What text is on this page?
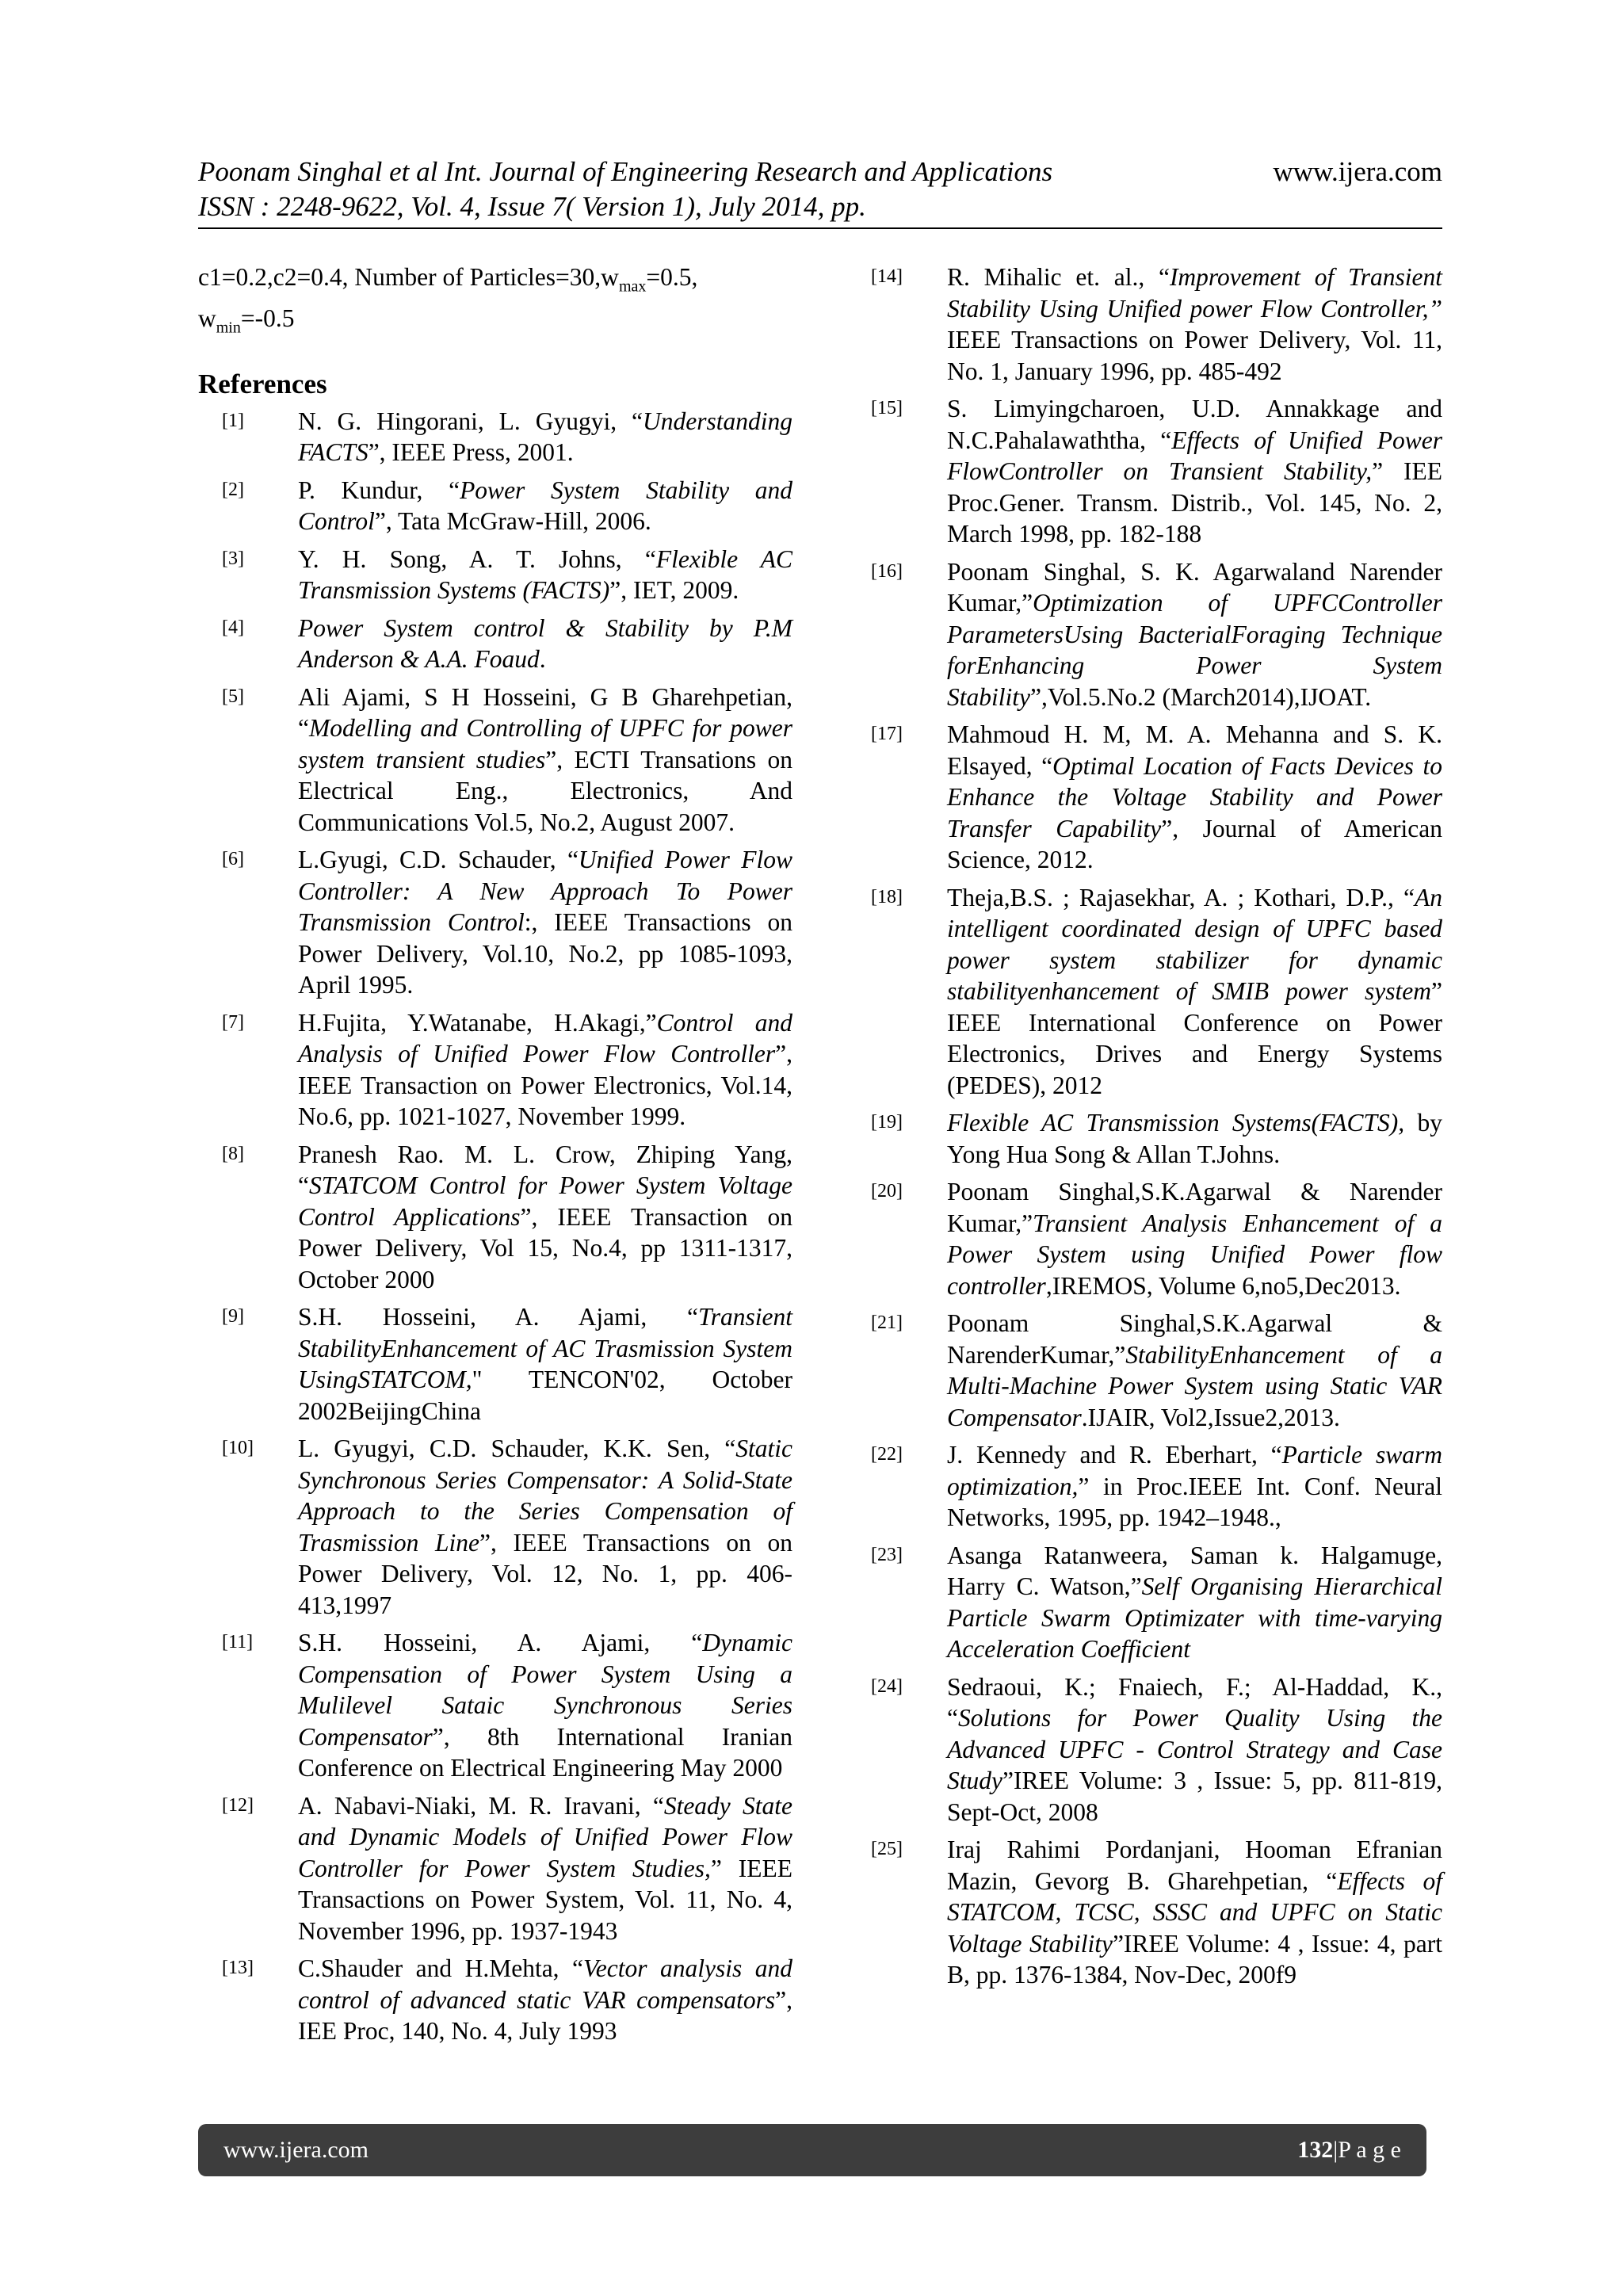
Poonam Singhal et al Int. Journal of Engineering Research and Applications	www.ijera.com
ISSN : 2248-9622, Vol. 4, Issue 7( Version 1), July 2014, pp.
c1=0.2,c2=0.4, Number of $Particles=30,w_{max}=0.5$,
$w_{min}=-0.5$
References
[1]	N. G. Hingorani, L. Gyugyi, “Understanding FACTS”, IEEE Press, 2001.
[2]	P. Kundur, “Power System Stability and Control”, Tata McGraw-Hill, 2006.
[3]	Y. H. Song, A. T. Johns, “Flexible AC Transmission Systems (FACTS)”, IET, 2009.
[4]	Power System control & Stability by P.M Anderson & A.A. Foaud.
[5]	Ali Ajami, S H Hosseini, G B Gharehpetian, “Modelling and Controlling of UPFC for power system transient studies”, ECTI Transations on Electrical Eng., Electronics, And Communications Vol.5, No.2, August 2007.
[6]	L.Gyugi, C.D. Schauder, “Unified Power Flow Controller: A New Approach To Power Transmission Control:, IEEE Transactions on Power Delivery, Vol.10, No.2, pp 1085-1093, April 1995.
[7]	H.Fujita, Y.Watanabe, H.Akagi,”Control and Analysis of Unified Power Flow Controller”, IEEE Transaction on Power Electronics, Vol.14, No.6, pp. 1021-1027, November 1999.
[8]	Pranesh Rao. M. L. Crow, Zhiping Yang, “STATCOM Control for Power System Voltage Control Applications”, IEEE Transaction on Power Delivery, Vol 15, No.4, pp 1311-1317, October 2000
[9]	S.H. Hosseini, A. Ajami, “Transient StabilityEnhancement of AC Trasmission System UsingSTATCOM," TENCON'02, October 2002BeijingChina
[10]	L. Gyugyi, C.D. Schauder, K.K. Sen, “Static Synchronous Series Compensator: A Solid-State Approach to the Series Compensation of Trasmission Line”, IEEE Transactions on on Power Delivery, Vol. 12, No. 1, pp. 406-413,1997
[11]	S.H. Hosseini, A. Ajami, “Dynamic Compensation of Power System Using a Mulilevel Sataic Synchronous Series Compensator”, 8th International Iranian Conference on Electrical Engineering May 2000
[12]	A. Nabavi-Niaki, M. R. Iravani, “Steady State and Dynamic Models of Unified Power Flow Controller for Power System Studies,” IEEE Transactions on Power System, Vol. 11, No. 4, November 1996, pp. 1937-1943
[13]	C.Shauder and H.Mehta, “Vector analysis and control of advanced static VAR compensators”, IEE Proc, 140, No. 4, July 1993
[14]	R. Mihalic et. al., “Improvement of Transient Stability Using Unified power Flow Controller,” IEEE Transactions on Power Delivery, Vol. 11, No. 1, January 1996, pp. 485-492
[15]	S. Limyingcharoen, U.D. Annakkage and N.C.Pahalawaththa, “Effects of Unified Power FlowController on Transient Stability,” IEE Proc.Gener. Transm. Distrib., Vol. 145, No. 2, March 1998, pp. 182-188
[16]	Poonam Singhal, S. K. Agarwaland Narender Kumar,”Optimization of UPFCController ParametersUsing BacterialForaging Technique forEnhancing Power System Stability”,Vol.5.No.2 (March2014),IJOAT.
[17]	Mahmoud H. M, M. A. Mehanna and S. K. Elsayed, “Optimal Location of Facts Devices to Enhance the Voltage Stability and Power Transfer Capability”, Journal of American Science, 2012.
[18]	Theja,B.S. ; Rajasekhar, A. ; Kothari, D.P., “An intelligent coordinated design of UPFC based power system stabilizer for dynamic stabilityenhancement of SMIB power system” IEEE International Conference on Power Electronics, Drives and Energy Systems (PEDES), 2012
[19]	Flexible AC Transmission Systems(FACTS), by Yong Hua Song & Allan T.Johns.
[20]	Poonam Singhal,S.K.Agarwal & Narender Kumar,”Transient Analysis Enhancement of a Power System using Unified Power flow controller,IREMOS, Volume 6,no5,Dec2013.
[21]	Poonam Singhal,S.K.Agarwal & NarenderKumar,”StabilityEnhancement of a Multi-Machine Power System using Static VAR Compensator.IJAIR, Vol2,Issue2,2013.
[22]	J. Kennedy and R. Eberhart, “Particle swarm optimization,” in Proc.IEEE Int. Conf. Neural Networks, 1995, pp. 1942–1948.,
[23]	Asanga Ratanweera, Saman k. Halgamuge, Harry C. Watson,”Self Organising Hierarchical Particle Swarm Optimizater with time-varying Acceleration Coefficient
[24]	Sedraoui, K.; Fnaiech, F.; Al-Haddad, K., “Solutions for Power Quality Using the Advanced UPFC - Control Strategy and Case Study”IREE Volume: 3 , Issue: 5, pp. 811-819, Sept-Oct, 2008
[25]	Iraj Rahimi Pordanjani, Hooman Efranian Mazin, Gevorg B. Gharehpetian, “Effects of STATCOM, TCSC, SSSC and UPFC on Static Voltage Stability”IREE Volume: 4 , Issue: 4, part B, pp. 1376-1384, Nov-Dec, 200f9
www.ijera.com	132|P a g e
